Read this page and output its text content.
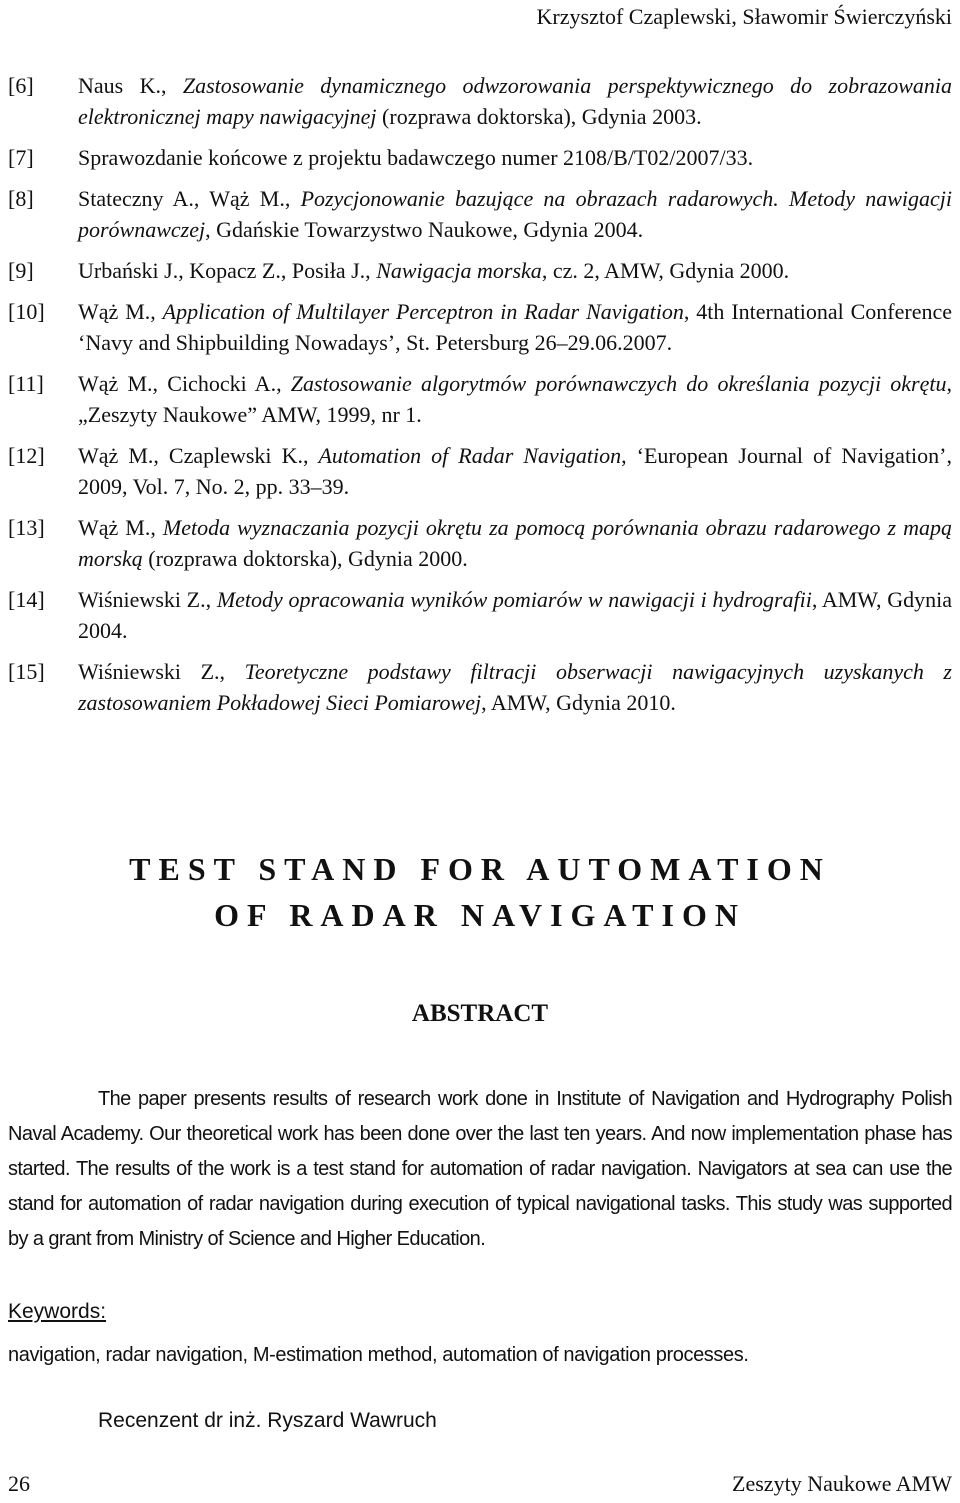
Krzysztof Czaplewski, Sławomir Świerczyński
[6]	Naus K., Zastosowanie dynamicznego odwzorowania perspektywicznego do zobrazowania elektronicznej mapy nawigacyjnej (rozprawa doktorska), Gdynia 2003.
[7]	Sprawozdanie końcowe z projektu badawczego numer 2108/B/T02/2007/33.
[8]	Stateczny A., Wąż M., Pozycjonowanie bazujące na obrazach radarowych. Metody nawigacji porównawczej, Gdańskie Towarzystwo Naukowe, Gdynia 2004.
[9]	Urbański J., Kopacz Z., Posiła J., Nawigacja morska, cz. 2, AMW, Gdynia 2000.
[10]	Wąż M., Application of Multilayer Perceptron in Radar Navigation, 4th International Conference ‘Navy and Shipbuilding Nowadays’, St. Petersburg 26–29.06.2007.
[11]	Wąż M., Cichocki A., Zastosowanie algorytmów porównawczych do określania pozycji okrętu, „Zeszyty Naukowe” AMW, 1999, nr 1.
[12]	Wąż M., Czaplewski K., Automation of Radar Navigation, ‘European Journal of Navigation’, 2009, Vol. 7, No. 2, pp. 33–39.
[13]	Wąż M., Metoda wyznaczania pozycji okrętu za pomocą porównania obrazu radarowego z mapą morską (rozprawa doktorska), Gdynia 2000.
[14]	Wiśniewski Z., Metody opracowania wyników pomiarów w nawigacji i hydrografii, AMW, Gdynia 2004.
[15]	Wiśniewski Z., Teoretyczne podstawy filtracji obserwacji nawigacyjnych uzyskanych z zastosowaniem Pokładowej Sieci Pomiarowej, AMW, Gdynia 2010.
TEST STAND FOR AUTOMATION
OF RADAR NAVIGATION
ABSTRACT
The paper presents results of research work done in Institute of Navigation and Hydrography Polish Naval Academy. Our theoretical work has been done over the last ten years. And now implementation phase has started. The results of the work is a test stand for automation of radar navigation. Navigators at sea can use the stand for automation of radar navigation during execution of typical navigational tasks. This study was supported by a grant from Ministry of Science and Higher Education.
Keywords:
navigation, radar navigation, M-estimation method, automation of navigation processes.
Recenzent dr inż. Ryszard Wawruch
26	Zeszyty Naukowe AMW
